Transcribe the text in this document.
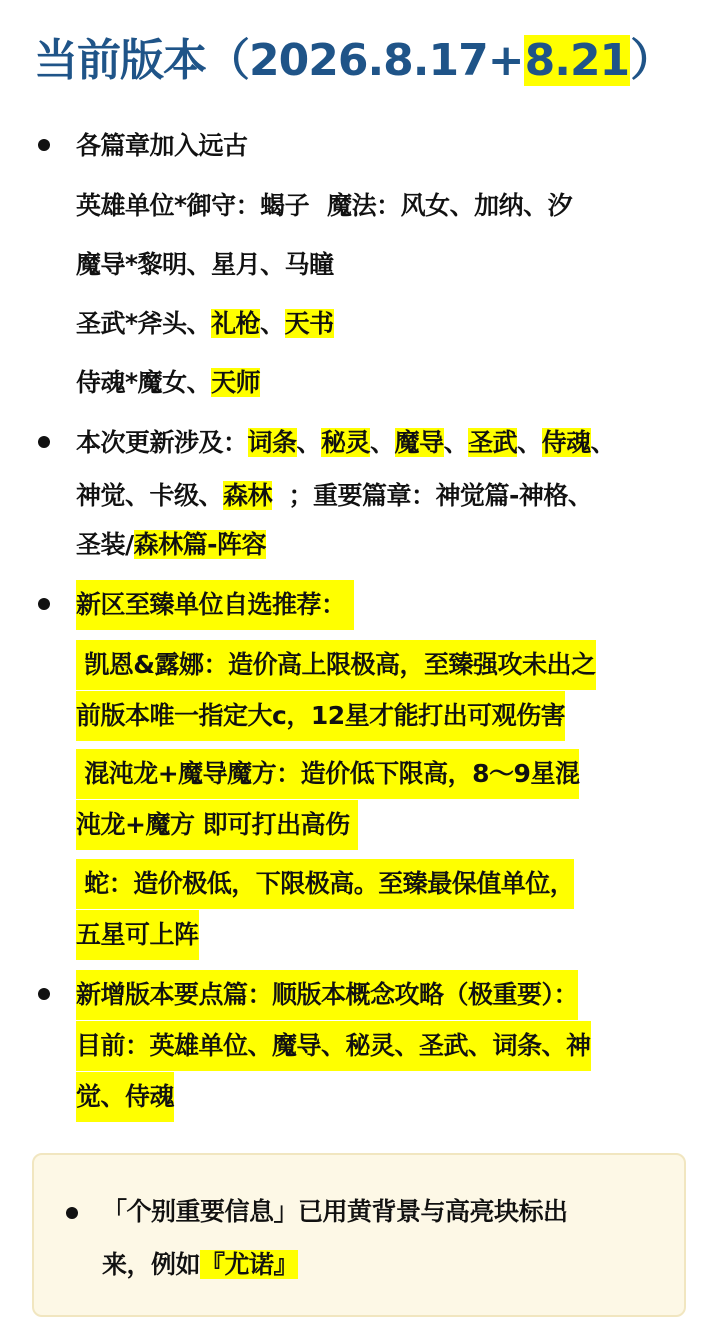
当前版本（2026.8.17+8.21）
各篇章加入远古
英雄单位*御守：蝎子 魔法：风女、加纳、汐
魔导*黎明、星月、马瞳
圣武*斧头、礼枪、天书
侍魂*魔女、天师
本次更新涉及：词条、秘灵、魔导、圣武、侍魂、
神觉、卡级、森林  ；重要篇章：神觉篇-神格、
圣装/森林篇-阵容
新区至臻单位自选推荐：
凯恩&露娜：造价高上限极高，至臻强攻未出之
前版本唯一指定大c，12星才能打出可观伤害
混沌龙+魔导魔方：造价低下限高，8～9星混
沌龙+魔方 即可打出高伤
蛇：造价极低，下限极高。至臻最保值单位，
五星可上阵
新增版本要点篇：顺版本概念攻略（极重要）：
目前：英雄单位、魔导、秘灵、圣武、词条、神
觉、侍魂
「个别重要信息」已用黄背景与高亮块标出
来，例如『尤诺』
